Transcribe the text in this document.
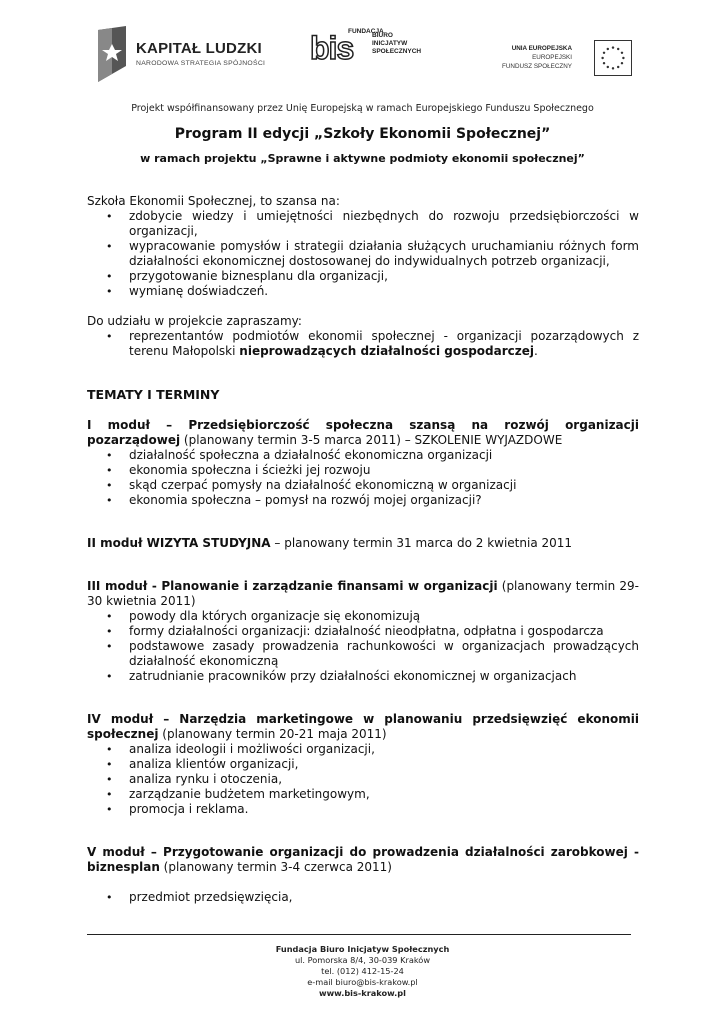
KAPITAŁ LUDZKI
NARODOWA STRATEGIA SPÓJNOŚCI bis
FUNDACJA
BIURO
INICJATYW
SPOŁECZNYCH	UNIA EUROPEJSKA
EUROPEJSKI
FUNDUSZ SPOŁECZNY
Projekt współfinansowany przez Unię Europejską w ramach Europejskiego Funduszu Społecznego
Program II edycji „Szkoły Ekonomii Społecznej”
w ramach projektu „Sprawne i aktywne podmioty ekonomii społecznej”

Szkoła Ekonomii Społecznej, to szansa na:

• zdobycie wiedzy i umiejętności niezbędnych do rozwoju przedsiębiorczości w organizacji,
• wypracowanie pomysłów i strategii działania służących uruchamianiu różnych form działalności ekonomicznej dostosowanej do indywidualnych potrzeb organizacji,
• przygotowanie biznesplanu dla organizacji,
• wymianę doświadczeń.

Do udziału w projekcie zapraszamy:

• reprezentantów podmiotów ekonomii społecznej - organizacji pozarządowych z terenu Małopolski nieprowadzących działalności gospodarczej.

TEMATY I TERMINY

I moduł – Przedsiębiorczość społeczna szansą na rozwój organizacji pozarządowej (planowany termin 3-5 marca 2011) – SZKOLENIE WYJAZDOWE

• działalność społeczna a działalność ekonomiczna organizacji
• ekonomia społeczna i ścieżki jej rozwoju
• skąd czerpać pomysły na działalność ekonomiczną w organizacji
• ekonomia społeczna – pomysł na rozwój mojej organizacji?

II moduł WIZYTA STUDYJNA – planowany termin 31 marca do 2 kwietnia 2011

III moduł - Planowanie i zarządzanie finansami w organizacji (planowany termin 29-30 kwietnia 2011)

• powody dla których organizacje się ekonomizują
• formy działalności organizacji: działalność nieodpłatna, odpłatna i gospodarcza
• podstawowe zasady prowadzenia rachunkowości w organizacjach prowadzących działalność ekonomiczną
• zatrudnianie pracowników przy działalności ekonomicznej w organizacjach

IV moduł – Narzędzia marketingowe w planowaniu przedsięwzięć ekonomii społecznej (planowany termin 20-21 maja 2011)

• analiza ideologii i możliwości organizacji,
• analiza klientów organizacji,
• analiza rynku i otoczenia,
• zarządzanie budżetem marketingowym,
• promocja i reklama.

V moduł – Przygotowanie organizacji do prowadzenia działalności zarobkowej - biznesplan (planowany termin 3-4 czerwca 2011)

• przedmiot przedsięwzięcia,
Fundacja Biuro Inicjatyw Społecznych
ul. Pomorska 8/4, 30-039 Kraków
tel. (012) 412-15-24
e-mail biuro@bis-krakow.pl
www.bis-krakow.pl
